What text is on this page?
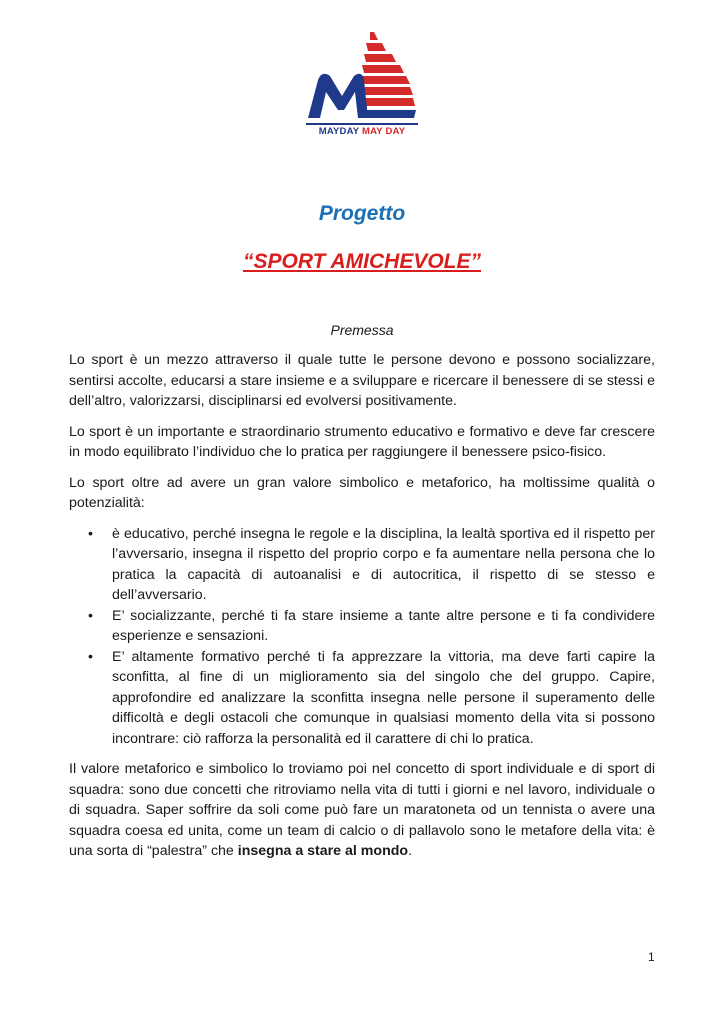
MAYDAY MAY DAY
Progetto
“SPORT AMICHEVOLE”
Premessa

Lo sport è un mezzo attraverso il quale tutte le persone devono e possono socializzare, sentirsi accolte, educarsi a stare insieme e a sviluppare e ricercare il benessere di se stessi e dell’altro, valorizzarsi, disciplinarsi ed evolversi positivamente.

Lo sport è un importante e straordinario strumento educativo e formativo e deve far crescere in modo equilibrato l’individuo che lo pratica per raggiungere il benessere psico-fisico.

Lo sport oltre ad avere un gran valore simbolico e metaforico, ha moltissime qualità o potenzialità:

• è educativo, perché insegna le regole e la disciplina, la lealtà sportiva ed il rispetto per l’avversario, insegna il rispetto del proprio corpo e fa aumentare nella persona che lo pratica la capacità di autoanalisi e di autocritica, il rispetto di se stesso e dell’avversario.
• E’ socializzante, perché ti fa stare insieme a tante altre persone e ti fa condividere esperienze e sensazioni.
• E’ altamente formativo perché ti fa apprezzare la vittoria, ma deve farti capire la sconfitta, al fine di un miglioramento sia del singolo che del gruppo. Capire, approfondire ed analizzare la sconfitta insegna nelle persone il superamento delle difficoltà e degli ostacoli che comunque in qualsiasi momento della vita si possono incontrare: ciò rafforza la personalità ed il carattere di chi lo pratica.

Il valore metaforico e simbolico lo troviamo poi nel concetto di sport individuale e di sport di squadra: sono due concetti che ritroviamo nella vita di tutti i giorni e nel lavoro, individuale o di squadra. Saper soffrire da soli come può fare un maratoneta od un tennista o avere una squadra coesa ed unita, come un team di calcio o di pallavolo sono le metafore della vita: è una sorta di “palestra” che insegna a stare al mondo.

1
